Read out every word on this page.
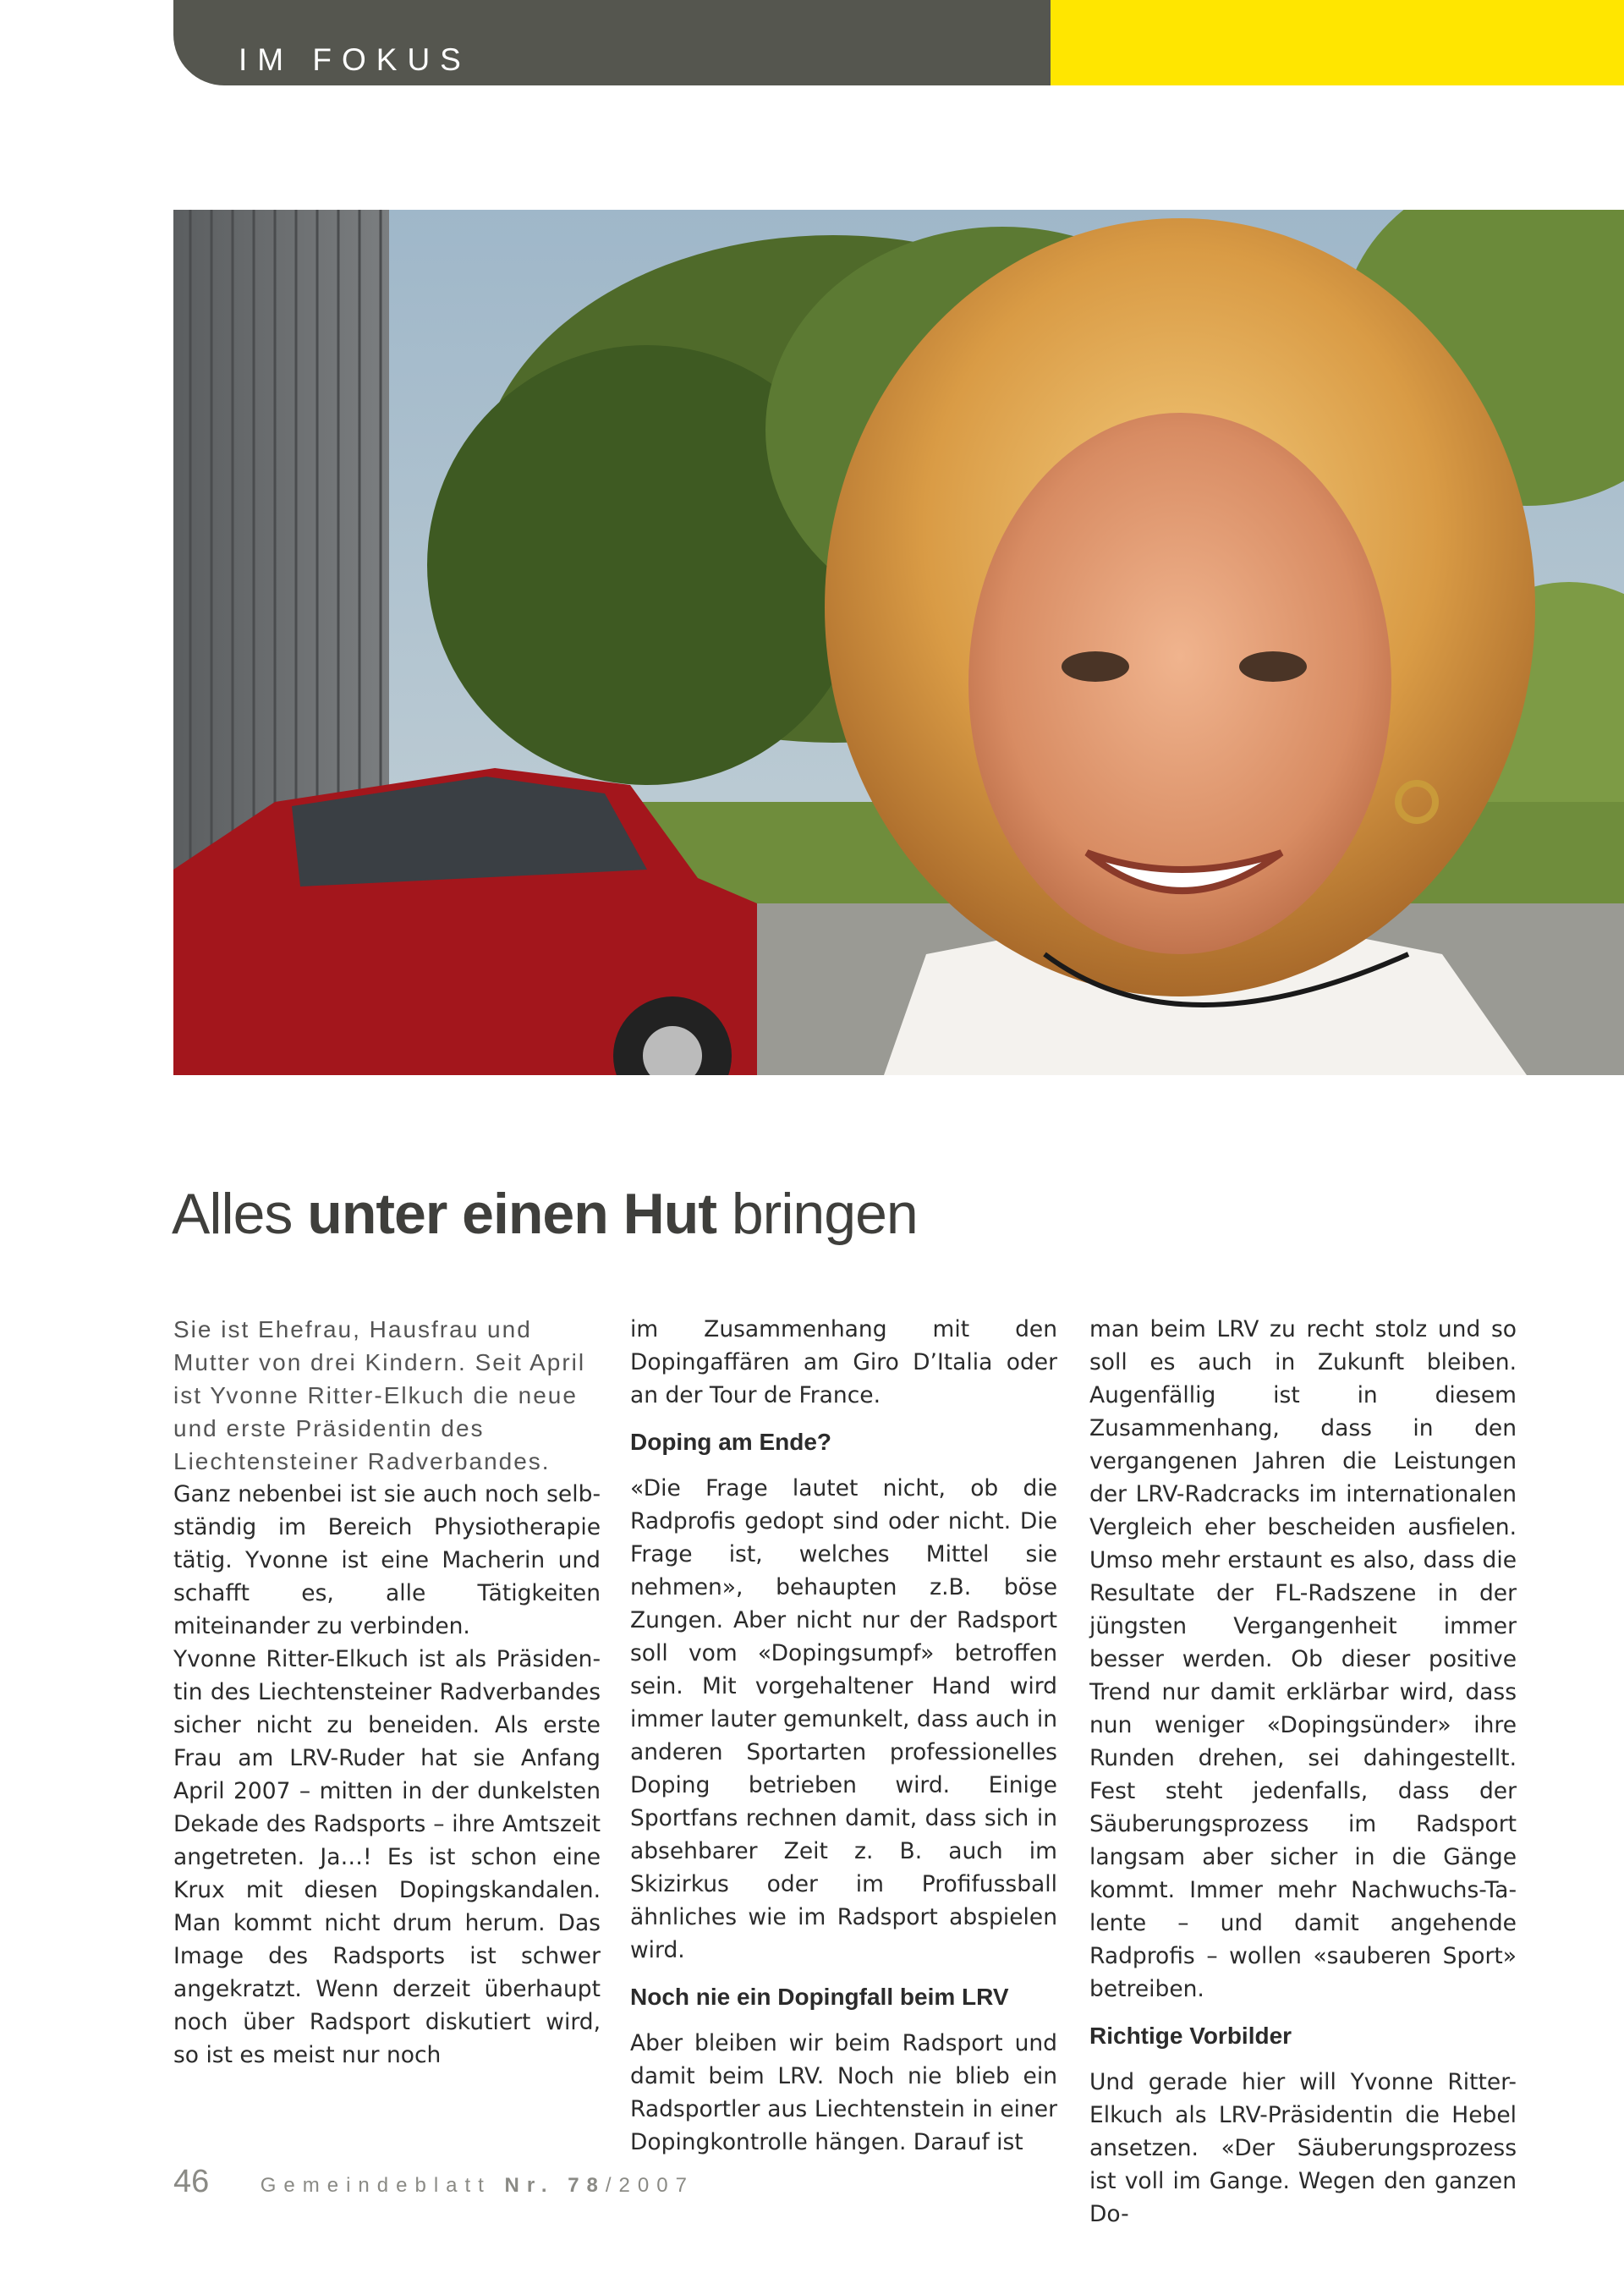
IM FOKUS
Alles unter einen Hut bringen

Sie ist Ehefrau, Hausfrau und Mutter von drei Kindern. Seit April ist Yvonne Ritter-Elkuch die neue und erste Präsidentin des Liechtensteiner Radverbandes.

Ganz nebenbei ist sie auch noch selbständig im Bereich Physiotherapie tätig. Yvonne ist eine Macherin und schafft es, alle Tätigkeiten miteinander zu verbinden.

Yvonne Ritter-Elkuch ist als Präsidentin des Liechtensteiner Radverbandes sicher nicht zu beneiden. Als erste Frau am LRV-Ruder hat sie Anfang April 2007 – mitten in der dunkelsten Dekade des Radsports – ihre Amtszeit angetreten. Ja…! Es ist schon eine Krux mit diesen Dopingskandalen. Man kommt nicht drum herum. Das Image des Radsports ist schwer angekratzt. Wenn derzeit überhaupt noch über Radsport diskutiert wird, so ist es meist nur noch

im Zusammenhang mit den Dopingaffären am Giro D’Italia oder an der Tour de France.

Doping am Ende?

«Die Frage lautet nicht, ob die Radprofis gedopt sind oder nicht. Die Frage ist, welches Mittel sie nehmen», behaupten z.B. böse Zungen. Aber nicht nur der Radsport soll vom «Dopingsumpf» betroffen sein. Mit vorgehaltener Hand wird immer lauter gemunkelt, dass auch in anderen Sportarten professionelles Doping betrieben wird. Einige Sportfans rechnen damit, dass sich in absehbarer Zeit z. B. auch im Skizirkus oder im Profifussball ähnliches wie im Radsport abspielen wird.

Noch nie ein Dopingfall beim LRV

Aber bleiben wir beim Radsport und damit beim LRV. Noch nie blieb ein Radsportler aus Liechtenstein in einer Dopingkontrolle hängen. Darauf ist

man beim LRV zu recht stolz und so soll es auch in Zukunft bleiben. Augenfällig ist in diesem Zusammenhang, dass in den vergangenen Jahren die Leistungen der LRV-Radcracks im internationalen Vergleich eher bescheiden ausfielen. Umso mehr erstaunt es also, dass die Resultate der FL-Radszene in der jüngsten Vergangenheit immer besser werden. Ob dieser positive Trend nur damit erklärbar wird, dass nun weniger «Dopingsünder» ihre Runden drehen, sei dahingestellt. Fest steht jedenfalls, dass der Säuberungsprozess im Radsport langsam aber sicher in die Gänge kommt. Immer mehr Nachwuchs-Talente – und damit angehende Radprofis – wollen «sauberen Sport» betreiben.

Richtige Vorbilder

Und gerade hier will Yvonne Ritter-Elkuch als LRV-Präsidentin die Hebel ansetzen. «Der Säuberungsprozess ist voll im Gange. Wegen den ganzen Do-

46	Gemeindeblatt Nr. 78/2007
